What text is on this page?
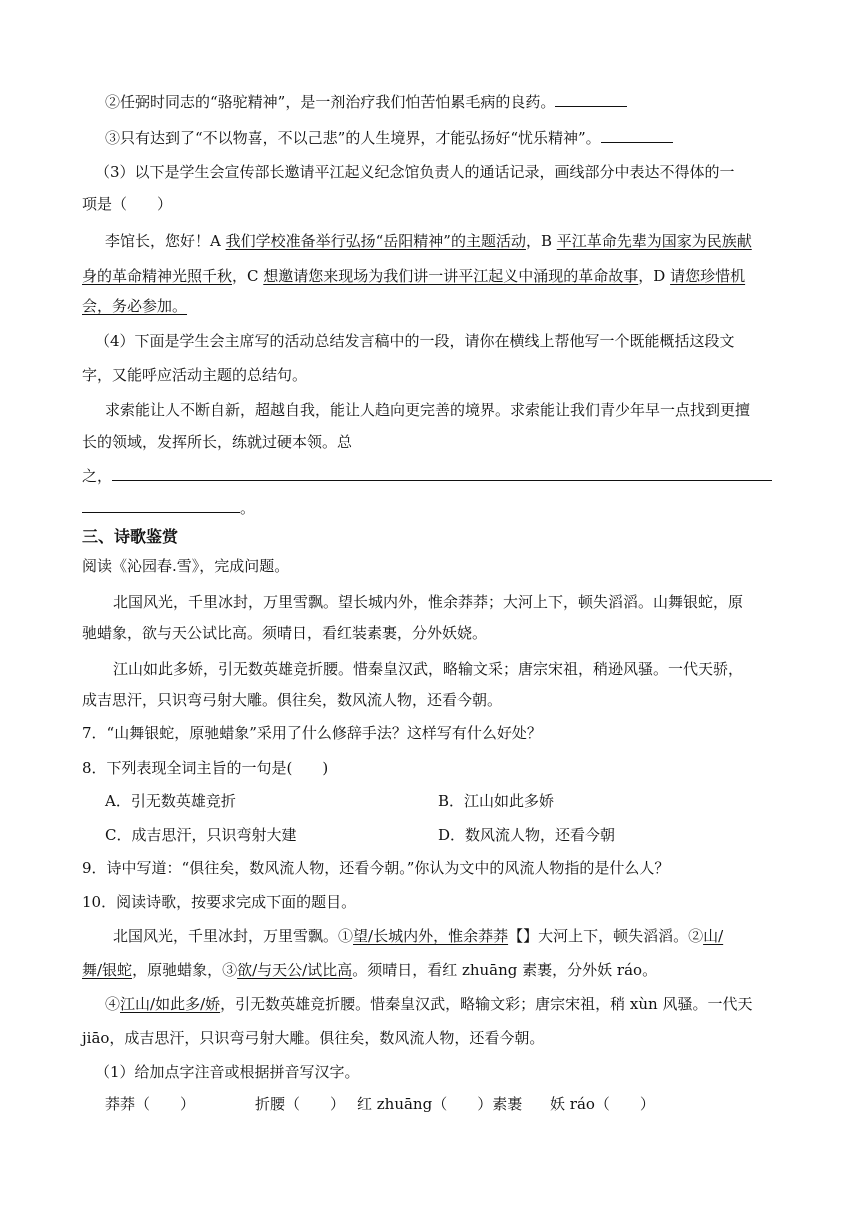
②任弼时同志的“骆驼精神”，是一剂治疗我们怕苦怕累毛病的良药。
③只有达到了“不以物喜，不以己悲”的人生境界，才能弘扬好“忧乐精神”。
（3）以下是学生会宣传部长邀请平江起义纪念馆负责人的通话记录，画线部分中表达不得体的一
项是（　　）
李馆长，您好！A 我们学校准备举行弘扬“岳阳精神”的主题活动，B 平江革命先辈为国家为民族献
身的革命精神光照千秋，C 想邀请您来现场为我们讲一讲平江起义中涌现的革命故事，D 请您珍惜机
会，务必参加。
（4）下面是学生会主席写的活动总结发言稿中的一段，请你在横线上帮他写一个既能概括这段文
字，又能呼应活动主题的总结句。
求索能让人不断自新，超越自我，能让人趋向更完善的境界。求索能让我们青少年早一点找到更擅
长的领域，发挥所长，练就过硬本领。总
之，
。
三、诗歌鉴赏
阅读《沁园春.雪》，完成问题。
北国风光，千里冰封，万里雪飘。望长城内外，惟余莽莽；大河上下，顿失滔滔。山舞银蛇，原
驰蜡象，欲与天公试比高。须晴日，看红装素裹，分外妖娆。
江山如此多娇，引无数英雄竞折腰。惜秦皇汉武，略输文采；唐宗宋祖，稍逊风骚。一代天骄，
成吉思汗，只识弯弓射大雕。俱往矣，数风流人物，还看今朝。
7．“山舞银蛇，原驰蜡象”采用了什么修辞手法？这样写有什么好处？
8．下列表现全词主旨的一句是(　　)
A．引无数英雄竞折	B．江山如此多娇
C．成吉思汗，只识弯射大建	D．数风流人物，还看今朝
9．诗中写道：“俱往矣，数风流人物，还看今朝。”你认为文中的风流人物指的是什么人？
10．阅读诗歌，按要求完成下面的题目。
北国风光，千里冰封，万里雪飘。①望/长城内外，惟余莽莽【】大河上下，顿失滔滔。②山/
舞/银蛇，原驰蜡象，③欲/与天公/试比高。须晴日，看红 zhuāng 素裹，分外妖 ráo。
④江山/如此多/娇，引无数英雄竞折腰。惜秦皇汉武，略输文彩；唐宗宋祖，稍 xùn 风骚。一代天
jiāo，成吉思汗，只识弯弓射大雕。俱往矣，数风流人物，还看今朝。
（1）给加点字注音或根据拼音写汉字。
莽莽（　　）	折腰（　　） 红 zhuāng（　　）素裹 妖 ráo（　　）
